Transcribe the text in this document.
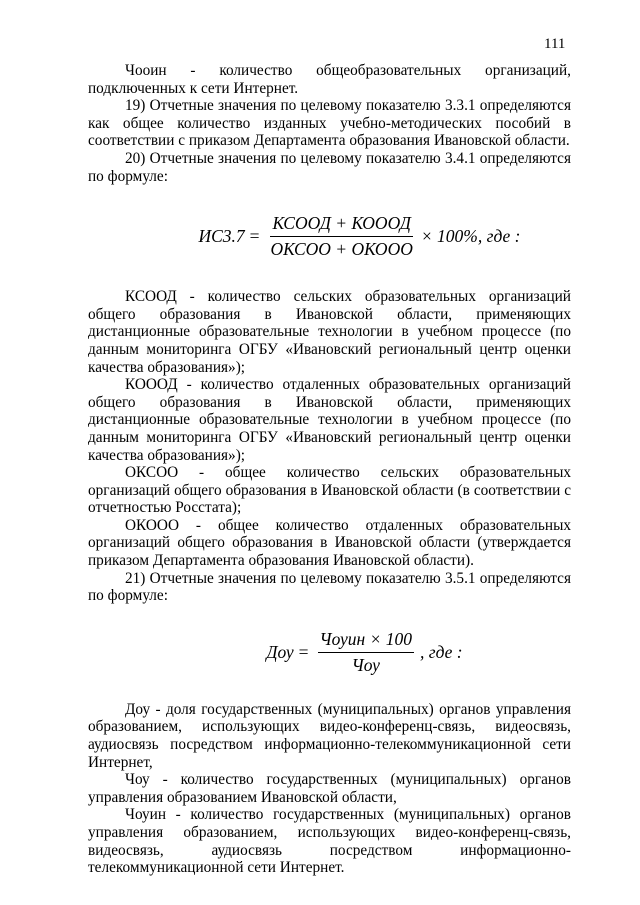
111

Чооин - количество общеобразовательных организаций,

подключенных к сети Интернет.

19) Отчетные значения по целевому показателю 3.3.1 определяются как общее количество изданных учебно-методических пособий в соответствии с приказом Департамента образования Ивановской области.

20) Отчетные значения по целевому показателю 3.4.1 определяются по формуле:

$ИС3.7 = \frac{\text{КСООД + КОООД}}{\text{ОКСОО + ОКООО}} \times 100\%$, где :

КСООД - количество сельских образовательных организаций общего образования в Ивановской области, применяющих дистанционные образовательные технологии в учебном процессе (по данным мониторинга ОГБУ «Ивановский региональный центр оценки качества образования»);

КОООД - количество отдаленных образовательных организаций общего образования в Ивановской области, применяющих дистанционные образовательные технологии в учебном процессе (по данным мониторинга ОГБУ «Ивановский региональный центр оценки качества образования»);

ОКСОО - общее количество сельских образовательных организаций общего образования в Ивановской области (в соответствии с отчетностью Росстата);

ОКООО - общее количество отдаленных образовательных организаций общего образования в Ивановской области (утверждается приказом Департамента образования Ивановской области).

21) Отчетные значения по целевому показателю 3.5.1 определяются по формуле:

Доу = $\frac{\text{Чоуин × 100}}{\text{Чоу}}$ , где :

Доу - доля государственных (муниципальных) органов управления образованием, использующих видео-конференц-связь, видеосвязь, аудиосвязь посредством информационно-телекоммуникационной сети Интернет,

Чоу - количество государственных (муниципальных) органов управления образованием Ивановской области,

Чоуин - количество государственных (муниципальных) органов управления образованием, использующих видео-конференц-связь, видеосвязь, аудиосвязь посредством информационно-телекоммуникационной сети Интернет.
